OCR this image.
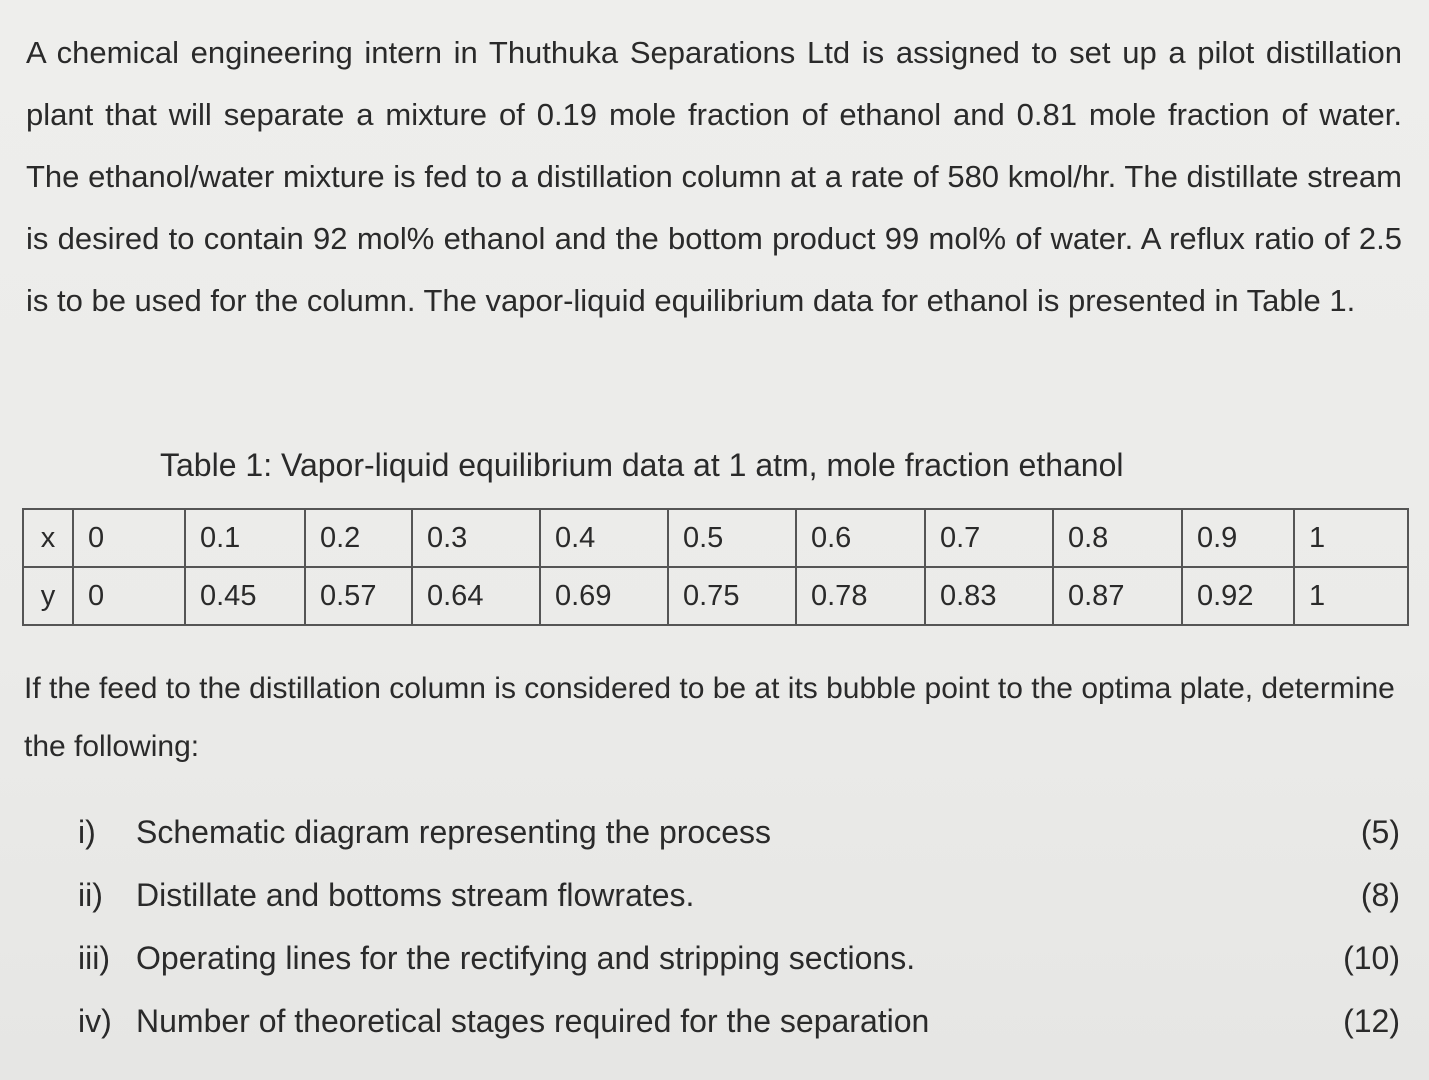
A chemical engineering intern in Thuthuka Separations Ltd is assigned to set up a pilot distillation plant that will separate a mixture of 0.19 mole fraction of ethanol and 0.81 mole fraction of water. The ethanol/water mixture is fed to a distillation column at a rate of 580 kmol/hr. The distillate stream is desired to contain 92 mol% ethanol and the bottom product 99 mol% of water. A reflux ratio of 2.5 is to be used for the column. The vapor-liquid equilibrium data for ethanol is presented in Table 1.

Table 1: Vapor-liquid equilibrium data at 1 atm, mole fraction ethanol

x	0	0.1	0.2	0.3	0.4	0.5	0.6	0.7	0.8	0.9	1
y	0	0.45	0.57	0.64	0.69	0.75	0.78	0.83	0.87	0.92	1

If the feed to the distillation column is considered to be at its bubble point to the optima plate, determine the following:

i) Schematic diagram representing the process	(5)
ii) Distillate and bottoms stream flowrates.	(8)
iii) Operating lines for the rectifying and stripping sections.	(10)
iv) Number of theoretical stages required for the separation	(12)
